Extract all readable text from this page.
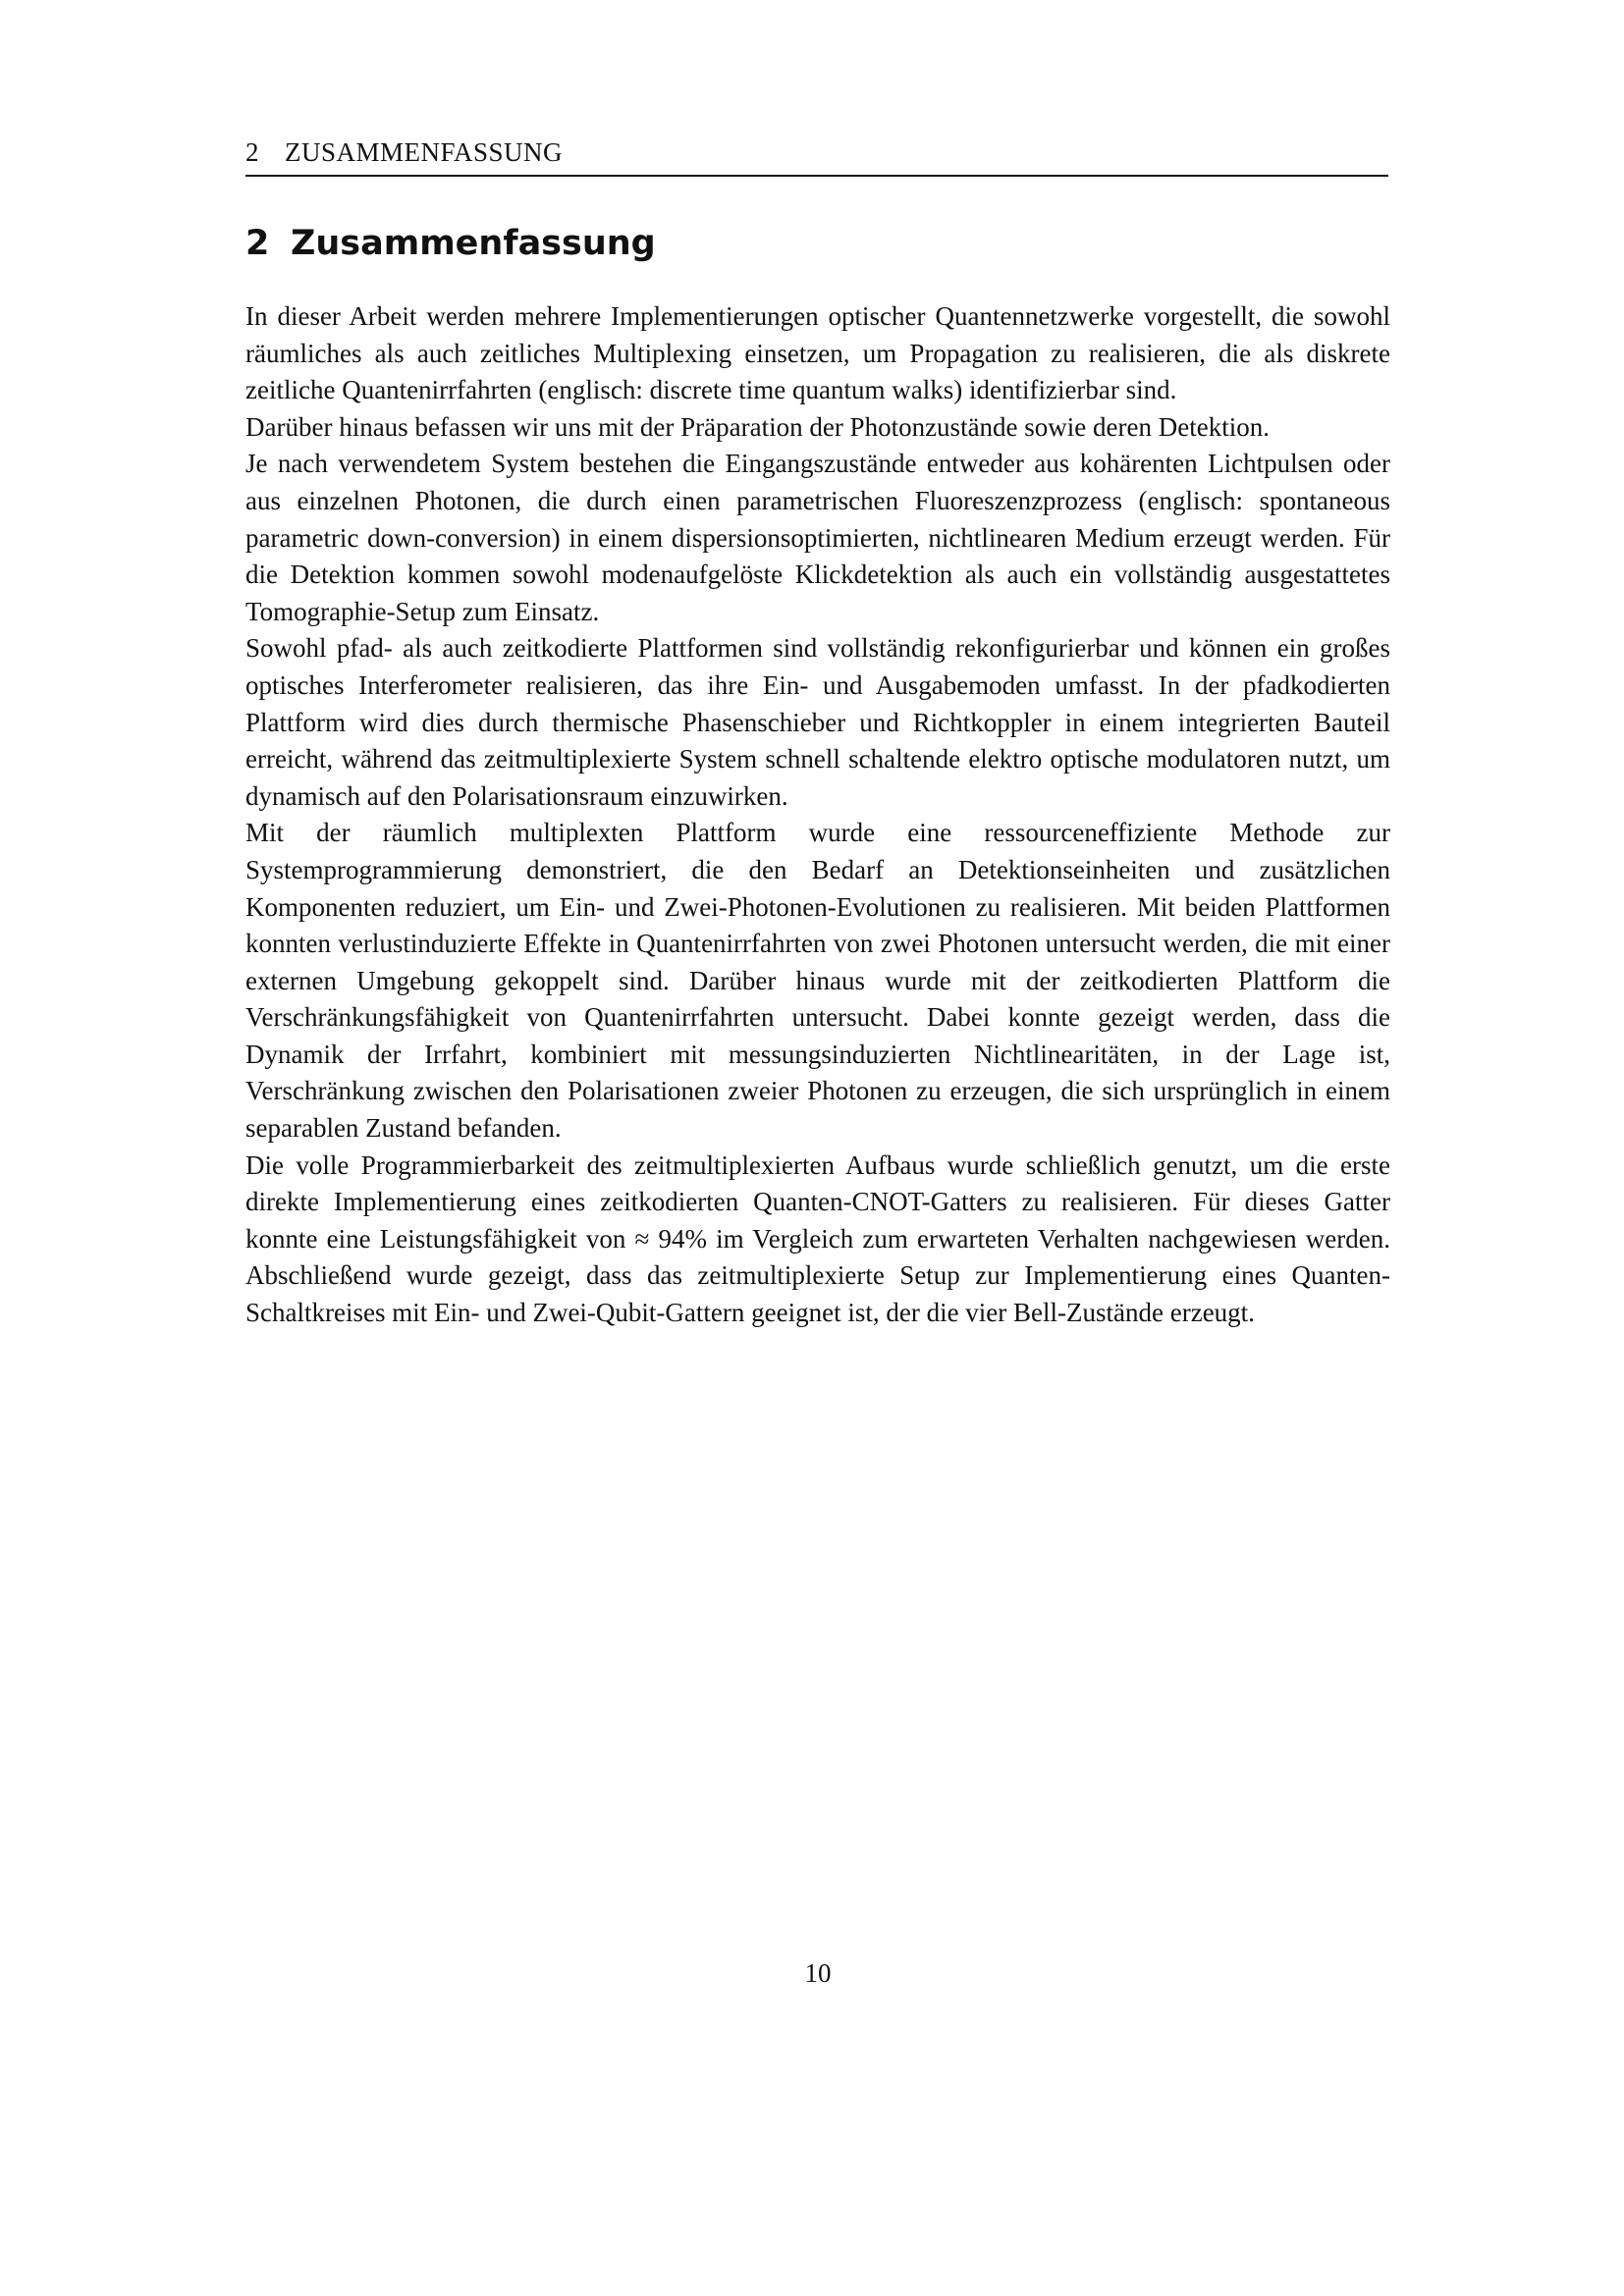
2 ZUSAMMENFASSUNG
2 Zusammenfassung

In dieser Arbeit werden mehrere Implementierungen optischer Quantennetzwerke vorgestellt, die sowohl räumliches als auch zeitliches Multiplexing einsetzen, um Propagation zu realisieren, die als diskrete zeitliche Quantenirrfahrten (englisch: discrete time quantum walks) identifizierbar sind.

Darüber hinaus befassen wir uns mit der Präparation der Photonzustände sowie deren Detektion.

Je nach verwendetem System bestehen die Eingangszustände entweder aus kohärenten Lichtpulsen oder aus einzelnen Photonen, die durch einen parametrischen Fluoreszenzprozess (englisch: spontaneous parametric down-conversion) in einem dispersionsoptimierten, nichtlinearen Medium erzeugt werden. Für die Detektion kommen sowohl modenaufgelöste Klickdetektion als auch ein vollständig ausgestattetes Tomographie-Setup zum Einsatz.

Sowohl pfad- als auch zeitkodierte Plattformen sind vollständig rekonfigurierbar und können ein großes optisches Interferometer realisieren, das ihre Ein- und Ausgabemoden umfasst. In der pfadkodierten Plattform wird dies durch thermische Phasenschieber und Richtkoppler in einem integrierten Bauteil erreicht, während das zeitmultiplexierte System schnell schaltende elektro optische modulatoren nutzt, um dynamisch auf den Polarisationsraum einzuwirken.

Mit der räumlich multiplexten Plattform wurde eine ressourceneffiziente Methode zur Systemprogrammierung demonstriert, die den Bedarf an Detektionseinheiten und zusätzlichen Komponenten reduziert, um Ein- und Zwei-Photonen-Evolutionen zu realisieren. Mit beiden Plattformen konnten verlustinduzierte Effekte in Quantenirrfahrten von zwei Photonen untersucht werden, die mit einer externen Umgebung gekoppelt sind. Darüber hinaus wurde mit der zeitkodierten Plattform die Verschränkungsfähigkeit von Quantenirrfahrten untersucht. Dabei konnte gezeigt werden, dass die Dynamik der Irrfahrt, kombiniert mit messungsinduzierten Nichtlinearitäten, in der Lage ist, Verschränkung zwischen den Polarisationen zweier Photonen zu erzeugen, die sich ursprünglich in einem separablen Zustand befanden.

Die volle Programmierbarkeit des zeitmultiplexierten Aufbaus wurde schließlich genutzt, um die erste direkte Implementierung eines zeitkodierten Quanten-CNOT-Gatters zu realisieren. Für dieses Gatter konnte eine Leistungsfähigkeit von ≈ 94% im Vergleich zum erwarteten Verhalten nachgewiesen werden. Abschließend wurde gezeigt, dass das zeitmultiplexierte Setup zur Implementierung eines Quanten-Schaltkreises mit Ein- und Zwei-Qubit-Gattern geeignet ist, der die vier Bell-Zustände erzeugt.

10
